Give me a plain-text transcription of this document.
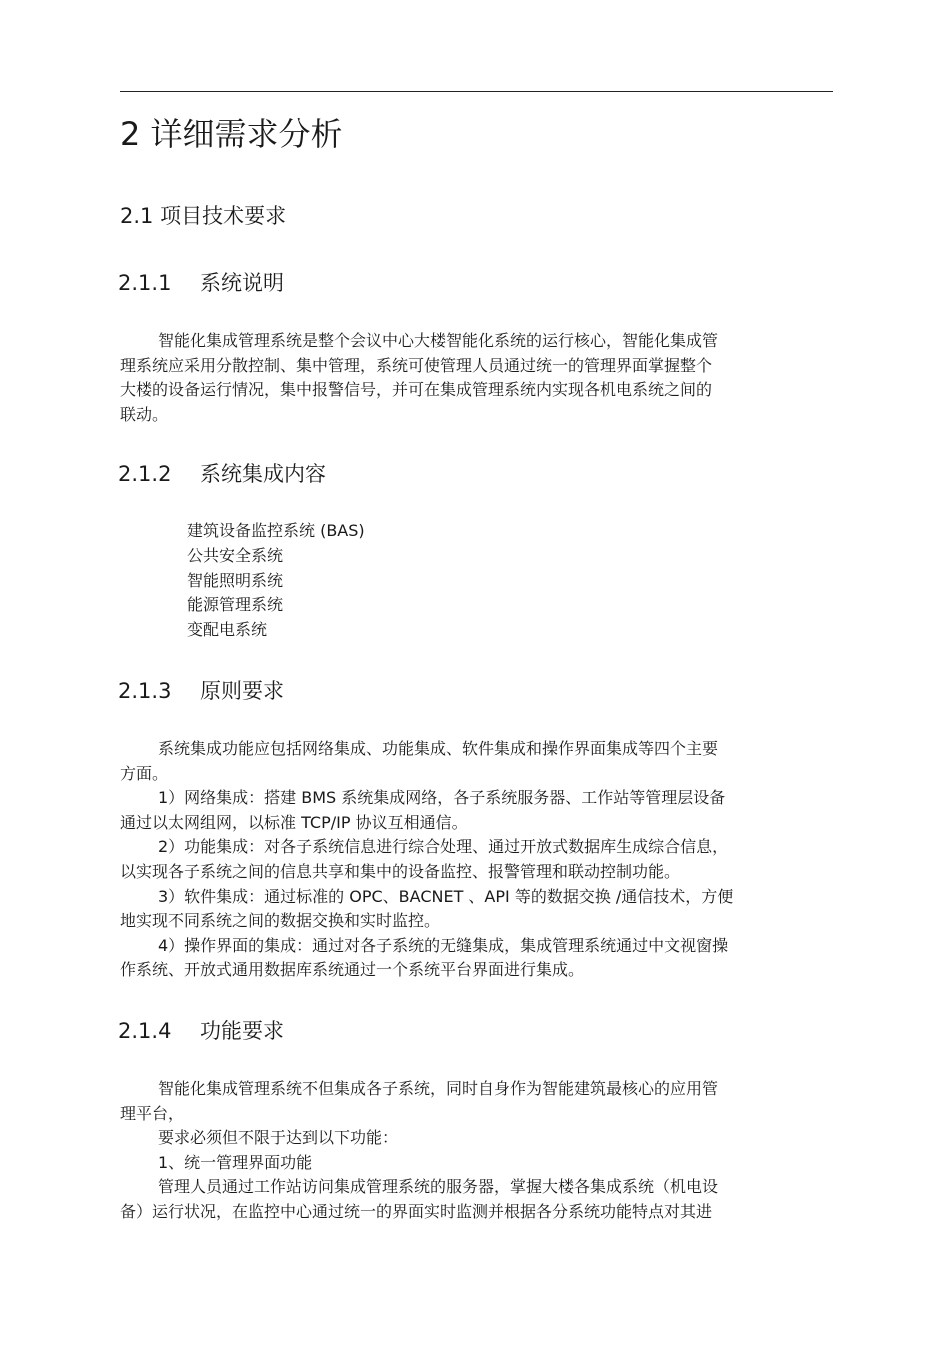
2 详细需求分析
2.1 项目技术要求
2.1.1 系统说明
智能化集成管理系统是整个会议中心大楼智能化系统的运行核心，智能化集成管
理系统应采用分散控制、集中管理，系统可使管理人员通过统一的管理界面掌握整个
大楼的设备运行情况，集中报警信号，并可在集成管理系统内实现各机电系统之间的
联动。
2.1.2 系统集成内容
建筑设备监控系统 (BAS)
公共安全系统
智能照明系统
能源管理系统
变配电系统
2.1.3 原则要求
系统集成功能应包括网络集成、功能集成、软件集成和操作界面集成等四个主要
方面。
1）网络集成：搭建 BMS 系统集成网络，各子系统服务器、工作站等管理层设备
通过以太网组网，以标准 TCP/IP 协议互相通信。
2）功能集成：对各子系统信息进行综合处理、通过开放式数据库生成综合信息，
以实现各子系统之间的信息共享和集中的设备监控、报警管理和联动控制功能。
3）软件集成：通过标准的 OPC、BACNET 、API 等的数据交换 /通信技术，方便
地实现不同系统之间的数据交换和实时监控。
4）操作界面的集成：通过对各子系统的无缝集成，集成管理系统通过中文视窗操
作系统、开放式通用数据库系统通过一个系统平台界面进行集成。
2.1.4 功能要求
智能化集成管理系统不但集成各子系统，同时自身作为智能建筑最核心的应用管
理平台，
要求必须但不限于达到以下功能：
1、统一管理界面功能
管理人员通过工作站访问集成管理系统的服务器，掌握大楼各集成系统（机电设
备）运行状况，在监控中心通过统一的界面实时监测并根据各分系统功能特点对其进
